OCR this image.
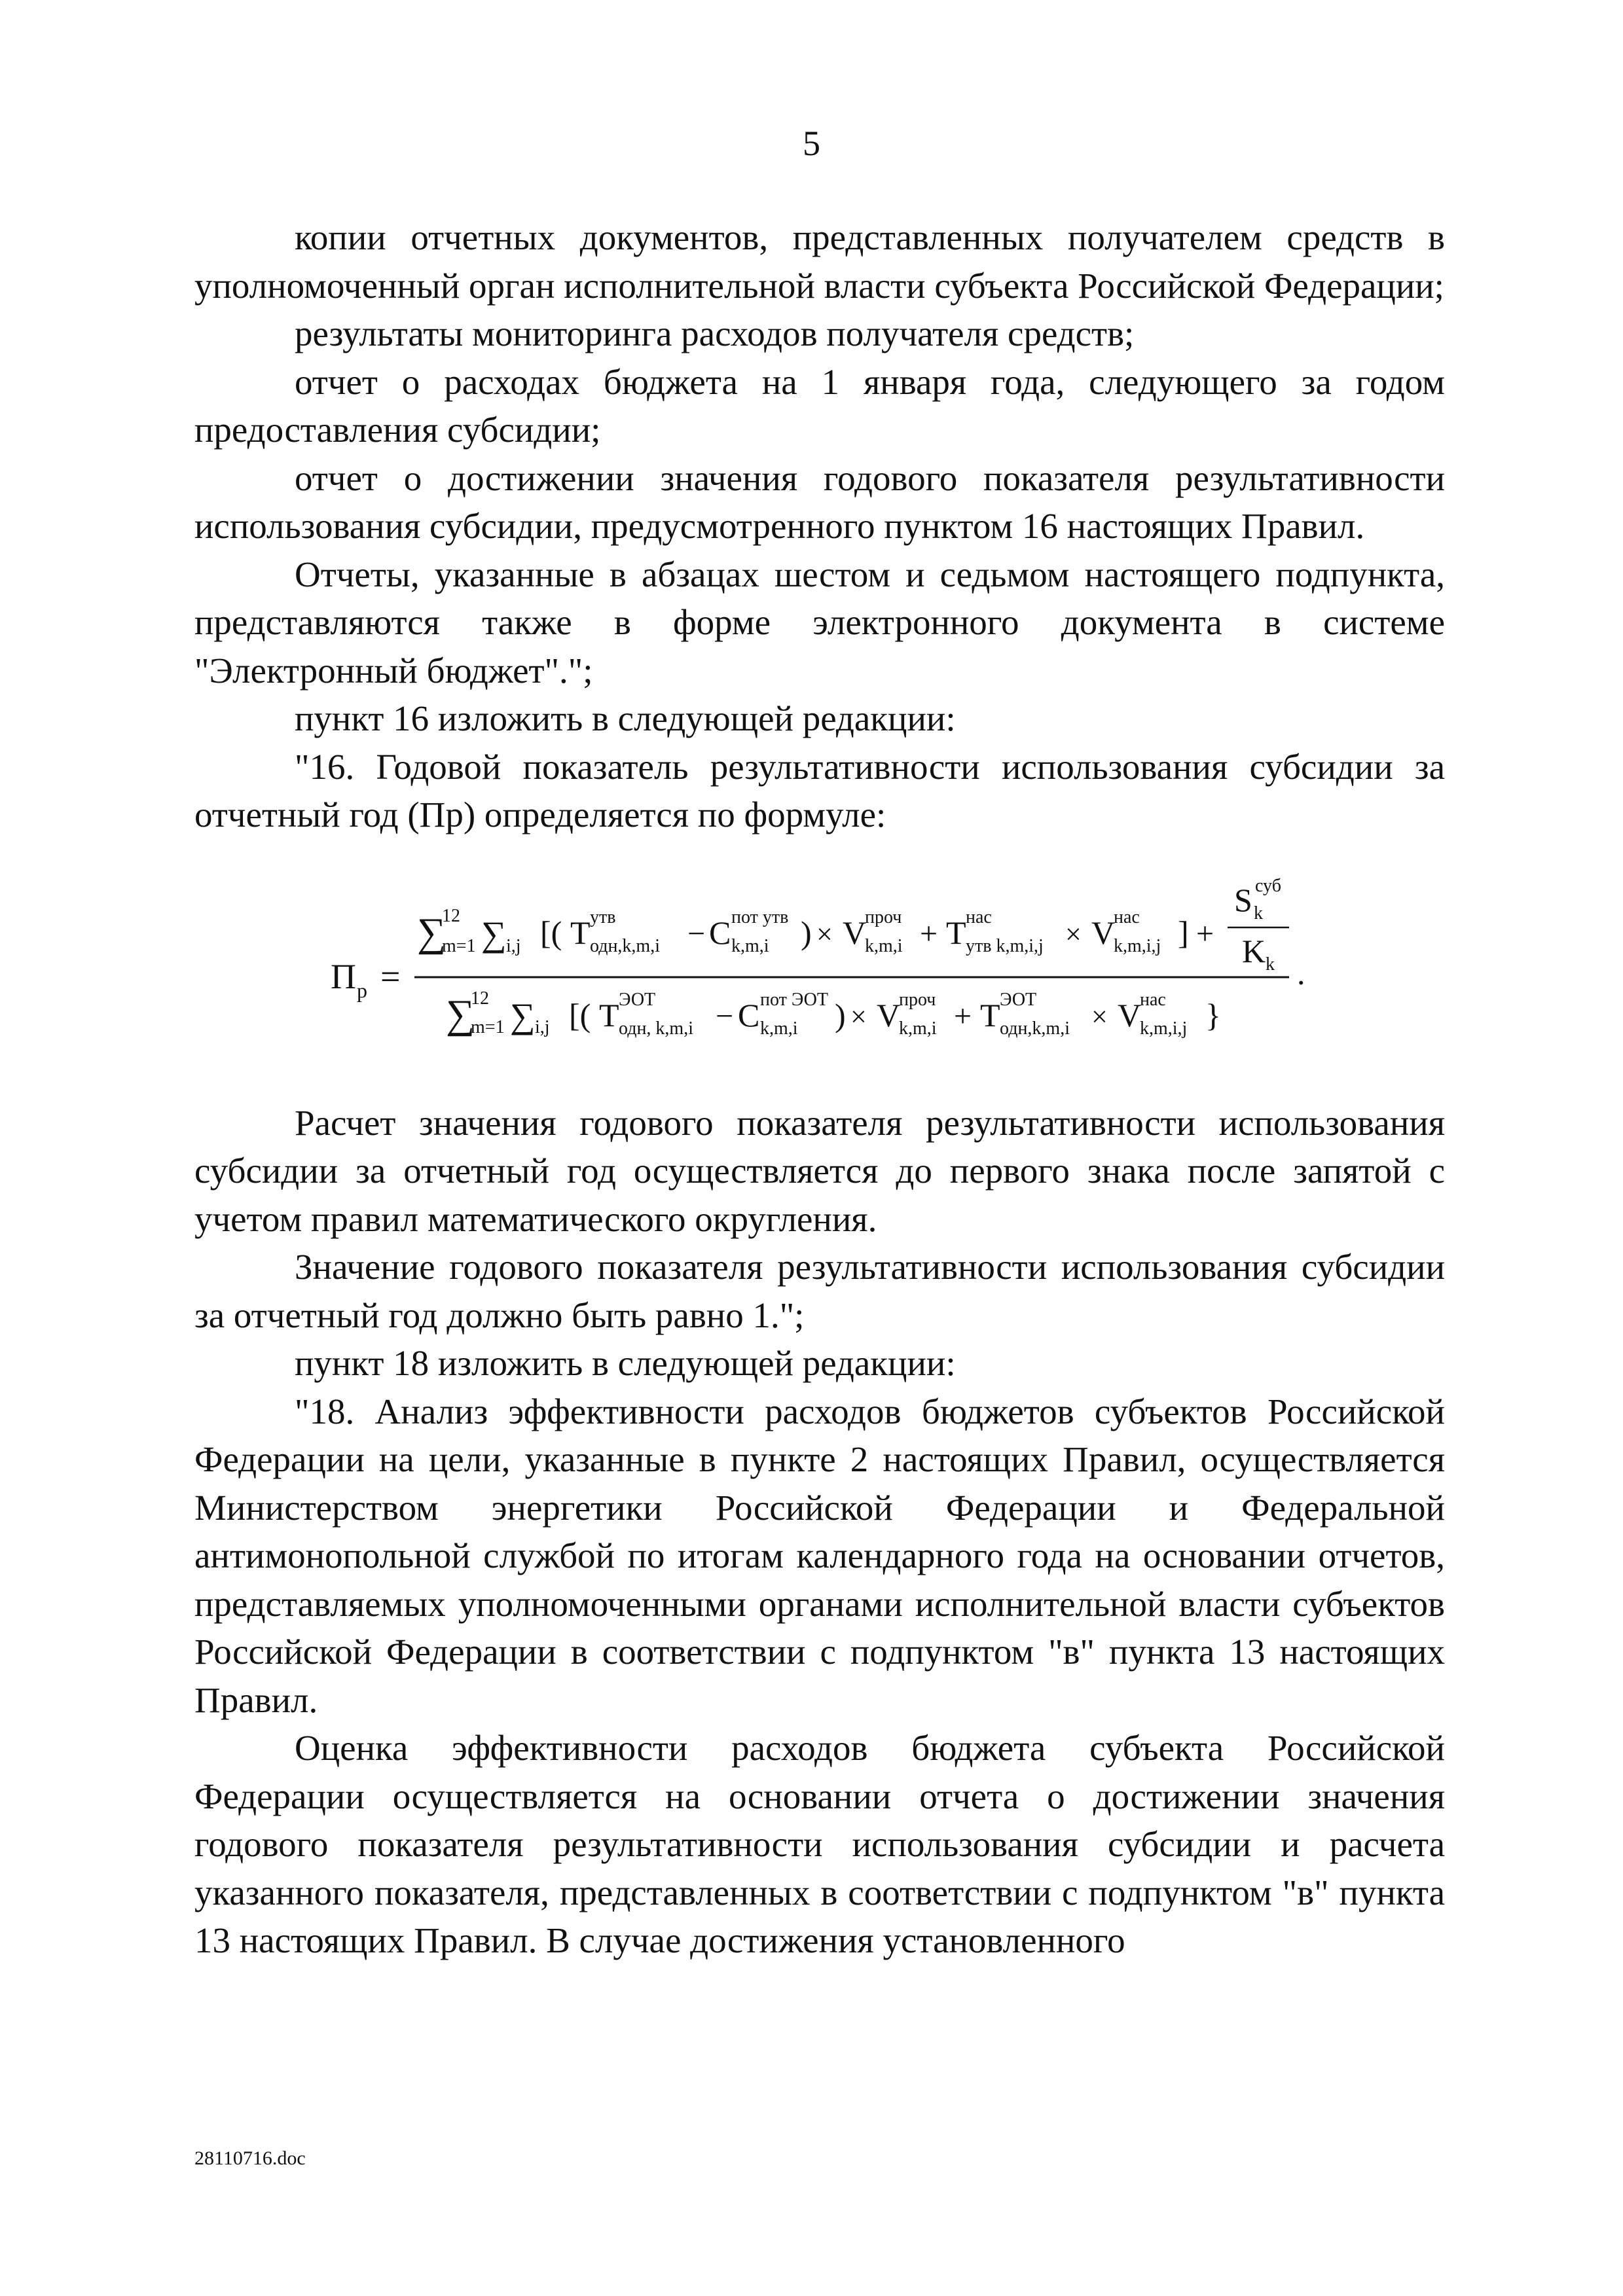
5

копии отчетных документов, представленных получателем средств в уполномоченный орган исполнительной власти субъекта Российской Федерации;

результаты мониторинга расходов получателя средств;

отчет о расходах бюджета на 1 января года, следующего за годом предоставления субсидии;

отчет о достижении значения годового показателя результативности использования субсидии, предусмотренного пунктом 16 настоящих Правил.

Отчеты, указанные в абзацах шестом и седьмом настоящего подпункта, представляются также в форме электронного документа в системе "Электронный бюджет".";

пункт 16 изложить в следующей редакции:

"16. Годовой показатель результативности использования субсидии за отчетный год (Пр) определяется по формуле:

П р =
∑
12
m=1 ∑ i,j [( T утв
одн,k,m,i − C пот утв
k,m,i ) × V
проч
k,m,i + T нас
утв k,m,i,j × V
нас
k,m,i,j ] +
S суб
k
K k
∑
12
m=1 ∑ i,j [( T ЭОТ
одн, k,m,i − C пот ЭОТ
k,m,i ) × V
проч
k,m,i + T ЭОТ
одн,k,m,i × V
нас
k,m,i,j }
.

Расчет значения годового показателя результативности использования субсидии за отчетный год осуществляется до первого знака после запятой с учетом правил математического округления.

Значение годового показателя результативности использования субсидии за отчетный год должно быть равно 1.";

пункт 18 изложить в следующей редакции:

"18. Анализ эффективности расходов бюджетов субъектов Российской Федерации на цели, указанные в пункте 2 настоящих Правил, осуществляется Министерством энергетики Российской Федерации и Федеральной антимонопольной службой по итогам календарного года на основании отчетов, представляемых уполномоченными органами исполнительной власти субъектов Российской Федерации в соответствии с подпунктом "в" пункта 13 настоящих Правил.

Оценка эффективности расходов бюджета субъекта Российской Федерации осуществляется на основании отчета о достижении значения годового показателя результативности использования субсидии и расчета указанного показателя, представленных в соответствии с подпунктом "в" пункта 13 настоящих Правил. В случае достижения установленного

28110716.doc
